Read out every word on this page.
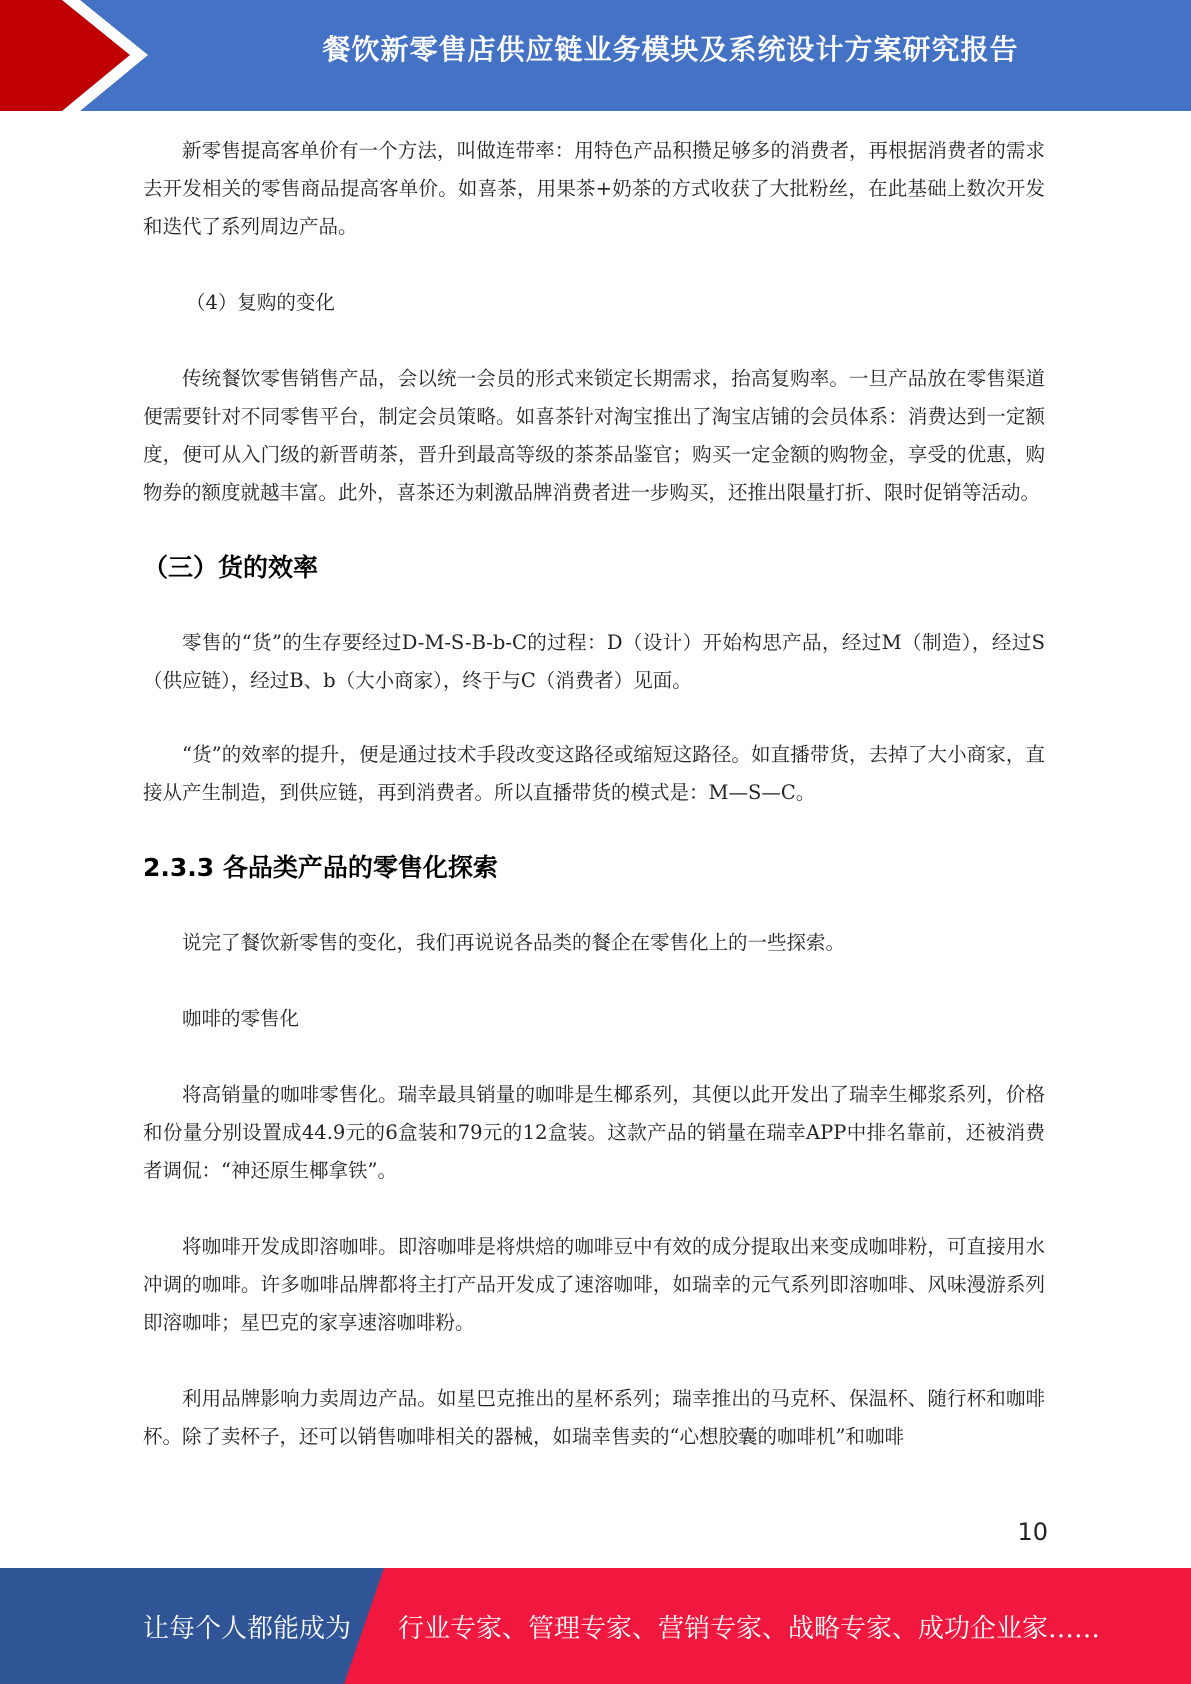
餐饮新零售店供应链业务模块及系统设计方案研究报告

新零售提高客单价有一个方法，叫做连带率：用特色产品积攒足够多的消费者，再根据消费者的需求去开发相关的零售商品提高客单价。如喜茶，用果茶+奶茶的方式收获了大批粉丝，在此基础上数次开发和迭代了系列周边产品。

（4）复购的变化

传统餐饮零售销售产品，会以统一会员的形式来锁定长期需求，抬高复购率。一旦产品放在零售渠道便需要针对不同零售平台，制定会员策略。如喜茶针对淘宝推出了淘宝店铺的会员体系：消费达到一定额度，便可从入门级的新晋萌茶，晋升到最高等级的茶茶品鉴官；购买一定金额的购物金，享受的优惠，购物券的额度就越丰富。此外，喜茶还为刺激品牌消费者进一步购买，还推出限量打折、限时促销等活动。

（三）货的效率

零售的“货”的生存要经过D-M-S-B-b-C的过程：D（设计）开始构思产品，经过M（制造），经过S（供应链），经过B、b（大小商家），终于与C（消费者）见面。

“货”的效率的提升，便是通过技术手段改变这路径或缩短这路径。如直播带货，去掉了大小商家，直接从产生制造，到供应链，再到消费者。所以直播带货的模式是：M—S—C。

2.3.3 各品类产品的零售化探索

说完了餐饮新零售的变化，我们再说说各品类的餐企在零售化上的一些探索。

咖啡的零售化

将高销量的咖啡零售化。瑞幸最具销量的咖啡是生椰系列，其便以此开发出了瑞幸生椰浆系列，价格和份量分别设置成44.9元的6盒装和79元的12盒装。这款产品的销量在瑞幸APP中排名靠前，还被消费者调侃：“神还原生椰拿铁”。

将咖啡开发成即溶咖啡。即溶咖啡是将烘焙的咖啡豆中有效的成分提取出来变成咖啡粉，可直接用水冲调的咖啡。许多咖啡品牌都将主打产品开发成了速溶咖啡，如瑞幸的元气系列即溶咖啡、风味漫游系列即溶咖啡；星巴克的家享速溶咖啡粉。

利用品牌影响力卖周边产品。如星巴克推出的星杯系列；瑞幸推出的马克杯、保温杯、随行杯和咖啡杯。除了卖杯子，还可以销售咖啡相关的器械，如瑞幸售卖的“心想胶囊的咖啡机”和咖啡

10
让每个人都能成为 行业专家、管理专家、营销专家、战略专家、成功企业家……
